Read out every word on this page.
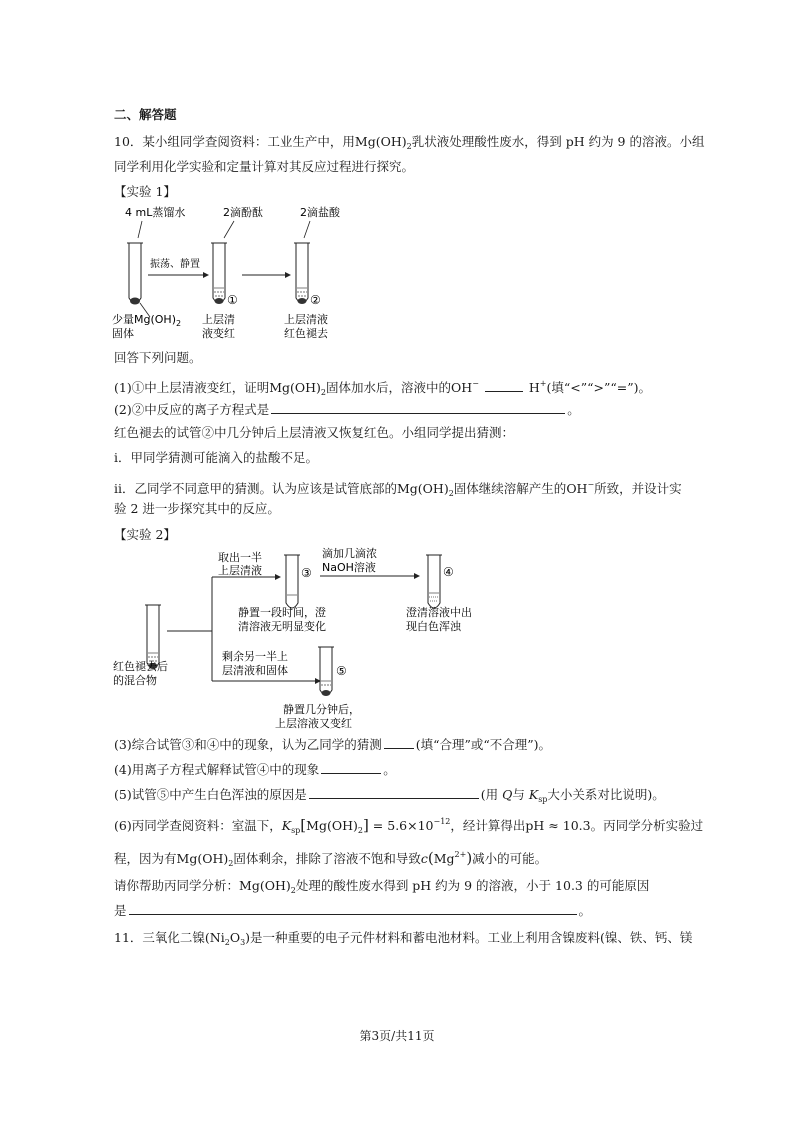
二、解答题
10．某小组同学查阅资料：工业生产中，用$Mg(OH)_2$乳状液处理酸性废水，得到 pH 约为 9 的溶液。小组
同学利用化学实验和定量计算对其反应过程进行探究。
【实验 1】
4 mL蒸馏水	2滴酚酞	2滴盐酸
振荡、静置
①	②
少量$Mg(OH)_2$
固体
上层清
液变红
上层清液
红色褪去
回答下列问题。
(1)①中上层清液变红，证明$Mg(OH)_2$固体加水后，溶液中的OH−	H+(填“<”“>”“=”)。
(2)②中反应的离子方程式是	。
红色褪去的试管②中几分钟后上层清液又恢复红色。小组同学提出猜测：
i．甲同学猜测可能滴入的盐酸不足。
ii．乙同学不同意甲的猜测。认为应该是试管底部的$Mg(OH)_2$固体继续溶解产生的OH−所致，并设计实
验 2 进一步探究其中的反应。
【实验 2】
红色褪去后
的混合物
取出一半
上层清液	③
静置一段时间，澄
清溶液无明显变化
滴加几滴浓
NaOH溶液	④
澄清溶液中出
现白色浑浊
剩余另一半上
层清液和固体	⑤
静置几分钟后，
上层溶液又变红
(3)综合试管③和④中的现象，认为乙同学的猜测	(填“合理”或“不合理”)。
(4)用离子方程式解释试管④中的现象	。
(5)试管⑤中产生白色浑浊的原因是	(用 Q与 $K_{sp}$大小关系对比说明)。
(6)丙同学查阅资料：室温下，$K_{sp}[Mg(OH)_2] = 5.6\times 10^{-12}$，经计算得出pH ≈ 10.3。丙同学分析实验过
程，因为有$Mg(OH)_2$固体剩余，排除了溶液不饱和导致$c(Mg^{2+})$减小的可能。
请你帮助丙同学分析：$Mg(OH)_2$处理的酸性废水得到 pH 约为 9 的溶液，小于 10.3 的可能原因
是	。
11．三氧化二镍$(Ni_2O_3)$是一种重要的电子元件材料和蓄电池材料。工业上利用含镍废料(镍、铁、钙、镁
第3页/共11页
